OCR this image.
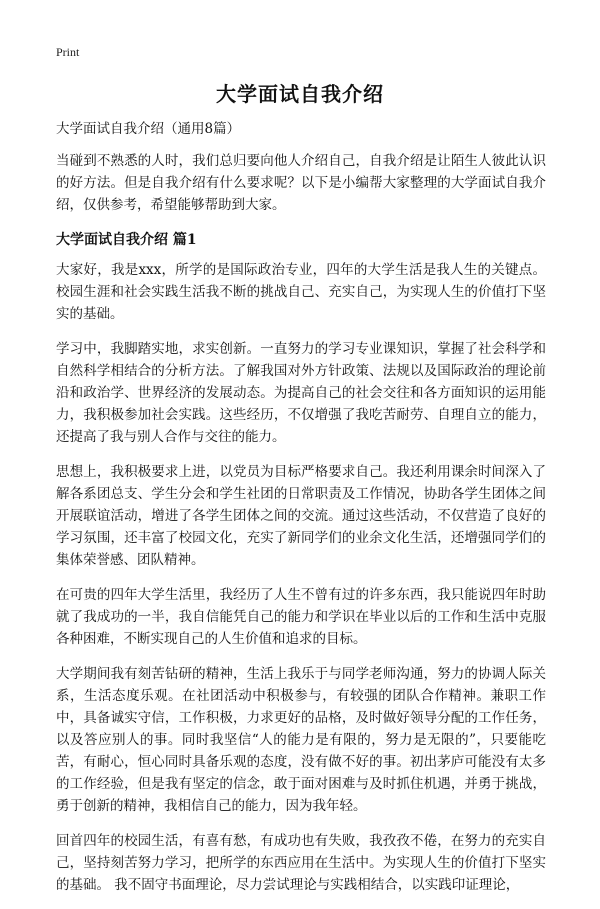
Print
大学面试自我介绍

大学面试自我介绍（通用8篇）

当碰到不熟悉的人时，我们总归要向他人介绍自己，自我介绍是让陌生人彼此认识的好方法。但是自我介绍有什么要求呢？以下是小编帮大家整理的大学面试自我介绍，仅供参考，希望能够帮助到大家。

大学面试自我介绍 篇1

大家好，我是xxx，所学的是国际政治专业，四年的大学生活是我人生的关键点。校园生涯和社会实践生活我不断的挑战自己、充实自己，为实现人生的价值打下坚实的基础。

学习中，我脚踏实地，求实创新。一直努力的学习专业课知识，掌握了社会科学和自然科学相结合的分析方法。了解我国对外方针政策、法规以及国际政治的理论前沿和政治学、世界经济的发展动态。为提高自己的社会交往和各方面知识的运用能力，我积极参加社会实践。这些经历，不仅增强了我吃苦耐劳、自理自立的能力，还提高了我与别人合作与交往的能力。

思想上，我积极要求上进，以党员为目标严格要求自己。我还利用课余时间深入了解各系团总支、学生分会和学生社团的日常职责及工作情况，协助各学生团体之间开展联谊活动，增进了各学生团体之间的交流。通过这些活动，不仅营造了良好的学习氛围，还丰富了校园文化，充实了新同学们的业余文化生活，还增强同学们的集体荣誉感、团队精神。

在可贵的四年大学生活里，我经历了人生不曾有过的许多东西，我只能说四年时助就了我成功的一半，我自信能凭自己的能力和学识在毕业以后的工作和生活中克服各种困难，不断实现自己的人生价值和追求的目标。

大学期间我有刻苦钻研的精神，生活上我乐于与同学老师沟通，努力的协调人际关系，生活态度乐观。在社团活动中积极参与，有较强的团队合作精神。兼职工作中，具备诚实守信，工作积极，力求更好的品格，及时做好领导分配的工作任务，以及答应别人的事。同时我坚信“人的能力是有限的，努力是无限的”，只要能吃苦，有耐心，恒心同时具备乐观的态度，没有做不好的事。初出茅庐可能没有太多的工作经验，但是我有坚定的信念，敢于面对困难与及时抓住机遇，并勇于挑战，勇于创新的精神，我相信自己的能力，因为我年轻。

回首四年的校园生活，有喜有愁，有成功也有失败，我孜孜不倦，在努力的充实自己，坚持刻苦努力学习，把所学的东西应用在生活中。为实现人生的价值打下坚实的基础。 我不固守书面理论，尽力尝试理论与实践相结合，以实践印证理论，
